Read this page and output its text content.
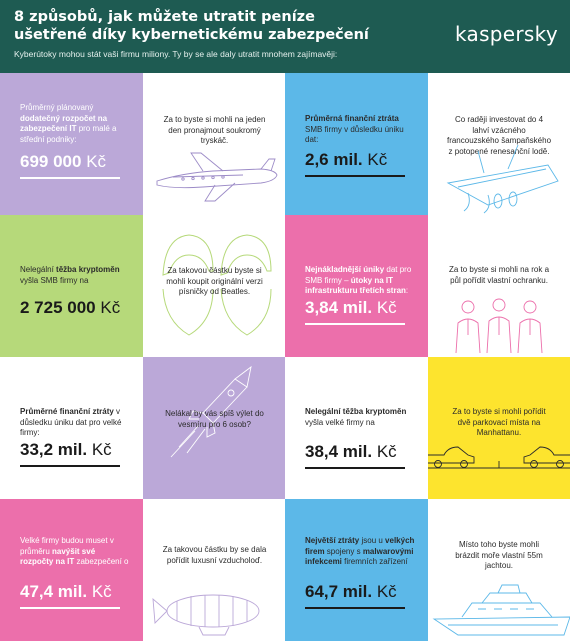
8 způsobů, jak můžete utratit peníze
ušetřené díky kybernetickému zabezpečení
Kyberútoky mohou stát vaši firmu miliony. Ty by se ale daly utratit mnohem zajímavěji:
kaspersky
Průměrný plánovaný dodatečný rozpočet na zabezpečení IT pro malé a střední podniky:
699 000 Kč
Za to byste si mohli na jeden den pronajmout soukromý tryskáč.
Průměrná finanční ztráta SMB firmy v důsledku úniku dat:
2,6 mil. Kč
Co raději investovat do 4 lahví vzácného francouzského šampaňského z potopené renesanční lodě.
Nelegální těžba kryptoměn vyšla SMB firmy na
2 725 000 Kč
Za takovou částku byste si mohli koupit originální verzi písničky od Beatles.
Nejnákladnější úniky dat pro SMB firmy – útoky na IT infrastrukturu třetích stran:
3,84 mil. Kč
Za to byste si mohli na rok a půl pořídit vlastní ochranku.
Průměrné finanční ztráty v důsledku úniku dat pro velké firmy:
33,2 mil. Kč
Nelákal by vás spíš výlet do vesmíru pro 6 osob?
Nelegální těžba kryptoměn vyšla velké firmy na
38,4 mil. Kč
Za to byste si mohli pořídit dvě parkovací místa na Manhattanu.
Velké firmy budou muset v průměru navýšit své rozpočty na IT zabezpečení o
47,4 mil. Kč
Za takovou částku by se dala pořídit luxusní vzducholoď.
Největší ztráty jsou u velkých firem spojeny s malwarovými infekcemi firemních zařízení
64,7 mil. Kč
Místo toho byste mohli brázdit moře vlastní 55m jachtou.
